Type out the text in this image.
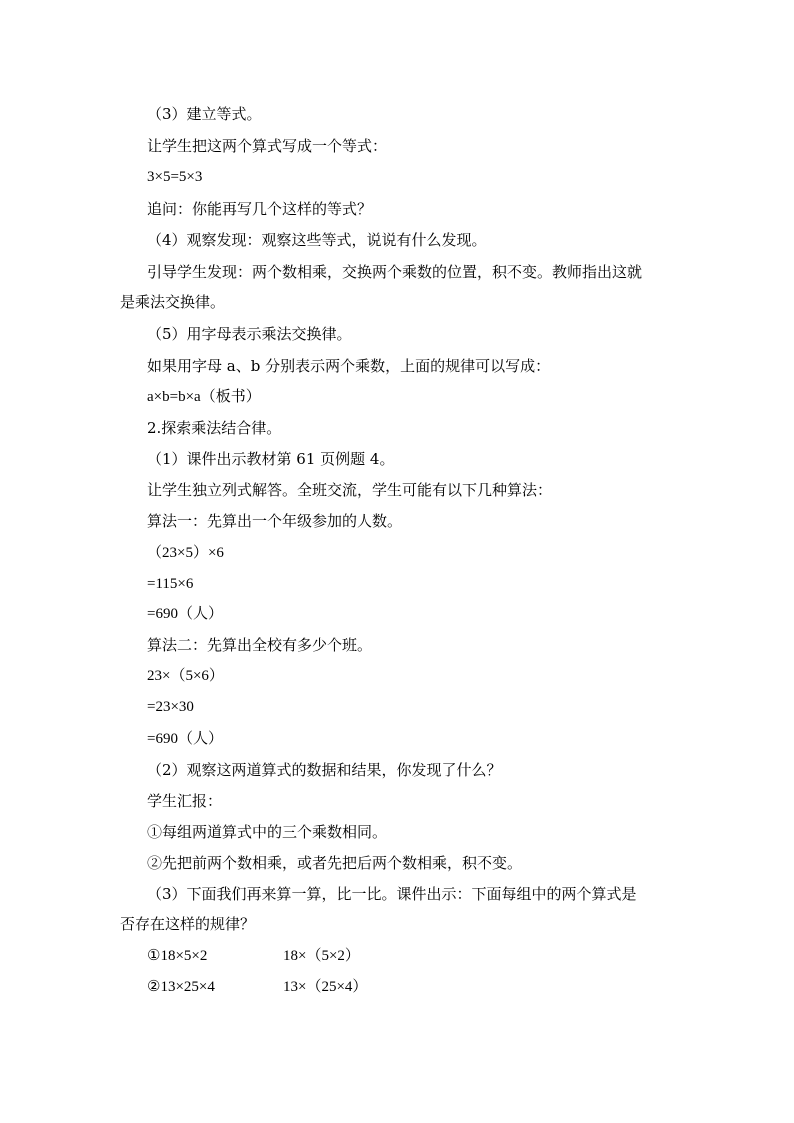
（3）建立等式。
让学生把这两个算式写成一个等式：
3×5=5×3
追问：你能再写几个这样的等式？
（4）观察发现：观察这些等式，说说有什么发现。
引导学生发现：两个数相乘，交换两个乘数的位置，积不变。教师指出这就
是乘法交换律。
（5）用字母表示乘法交换律。
如果用字母 a、b 分别表示两个乘数，上面的规律可以写成：
a×b=b×a（板书）
2.探索乘法结合律。
（1）课件出示教材第 61 页例题 4。
让学生独立列式解答。全班交流，学生可能有以下几种算法：
算法一：先算出一个年级参加的人数。
（23×5）×6
=115×6
=690（人）
算法二：先算出全校有多少个班。
23×（5×6）
=23×30
=690（人）
（2）观察这两道算式的数据和结果，你发现了什么？
学生汇报：
①每组两道算式中的三个乘数相同。
②先把前两个数相乘，或者先把后两个数相乘，积不变。
（3）下面我们再来算一算，比一比。课件出示：下面每组中的两个算式是
否存在这样的规律？
①18×5×2	18×（5×2）
②13×25×4	13×（25×4）
